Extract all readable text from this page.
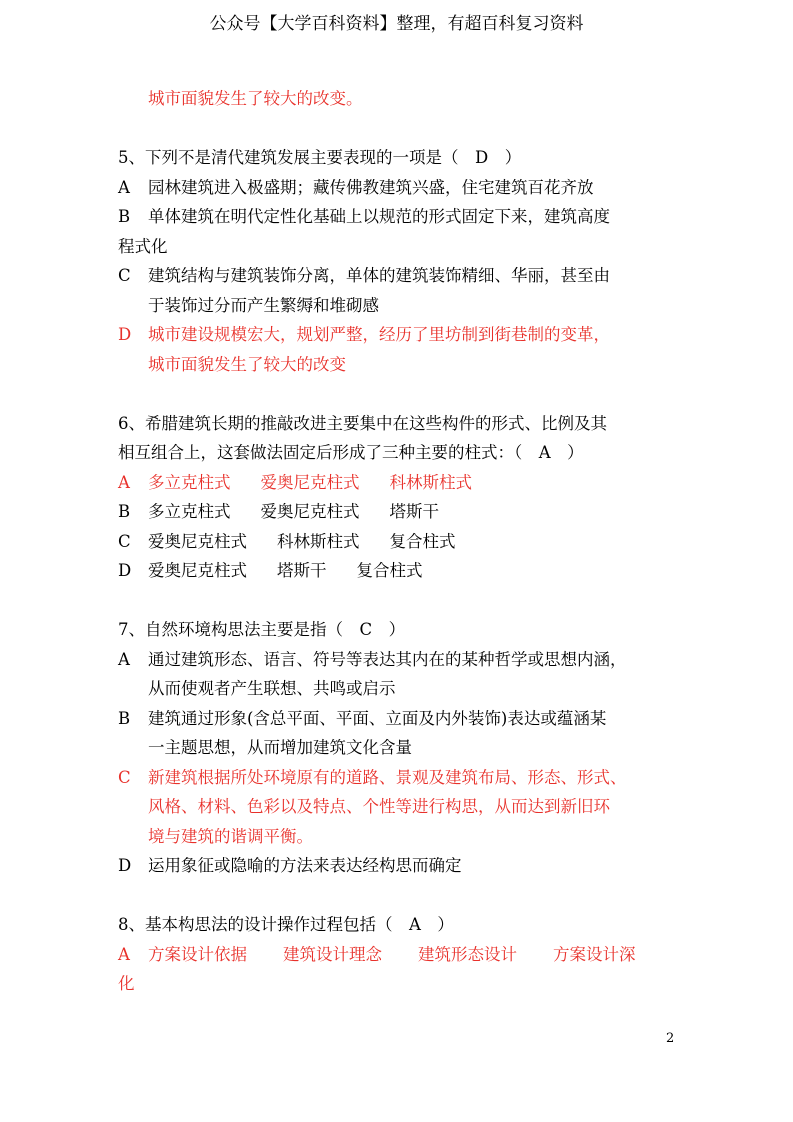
公众号【大学百科资料】整理，有超百科复习资料
城市面貌发生了较大的改变。
5、下列不是清代建筑发展主要表现的一项是（　D　）
A 园林建筑进入极盛期；藏传佛教建筑兴盛，住宅建筑百花齐放
B 单体建筑在明代定性化基础上以规范的形式固定下来，建筑高度
程式化
C 建筑结构与建筑装饰分离，单体的建筑装饰精细、华丽，甚至由
于装饰过分而产生繁缛和堆砌感
D 城市建设规模宏大，规划严整，经历了里坊制到街巷制的变革，
城市面貌发生了较大的改变
6、希腊建筑长期的推敲改进主要集中在这些构件的形式、比例及其
相互组合上，这套做法固定后形成了三种主要的柱式：（　A　）
A 多立克柱式 爱奥尼克柱式 科林斯柱式
B 多立克柱式 爱奥尼克柱式 塔斯干
C 爱奥尼克柱式 科林斯柱式 复合柱式
D 爱奥尼克柱式 塔斯干 复合柱式
7、自然环境构思法主要是指（　C　）
A 通过建筑形态、语言、符号等表达其内在的某种哲学或思想内涵，
从而使观者产生联想、共鸣或启示
B 建筑通过形象(含总平面、平面、立面及内外装饰)表达或蕴涵某
一主题思想，从而增加建筑文化含量
C 新建筑根据所处环境原有的道路、景观及建筑布局、形态、形式、
风格、材料、色彩以及特点、个性等进行构思，从而达到新旧环
境与建筑的谐调平衡。
D 运用象征或隐喻的方法来表达经构思而确定
8、基本构思法的设计操作过程包括（　A　）
A 方案设计依据 建筑设计理念 建筑形态设计 方案设计深
化
2
